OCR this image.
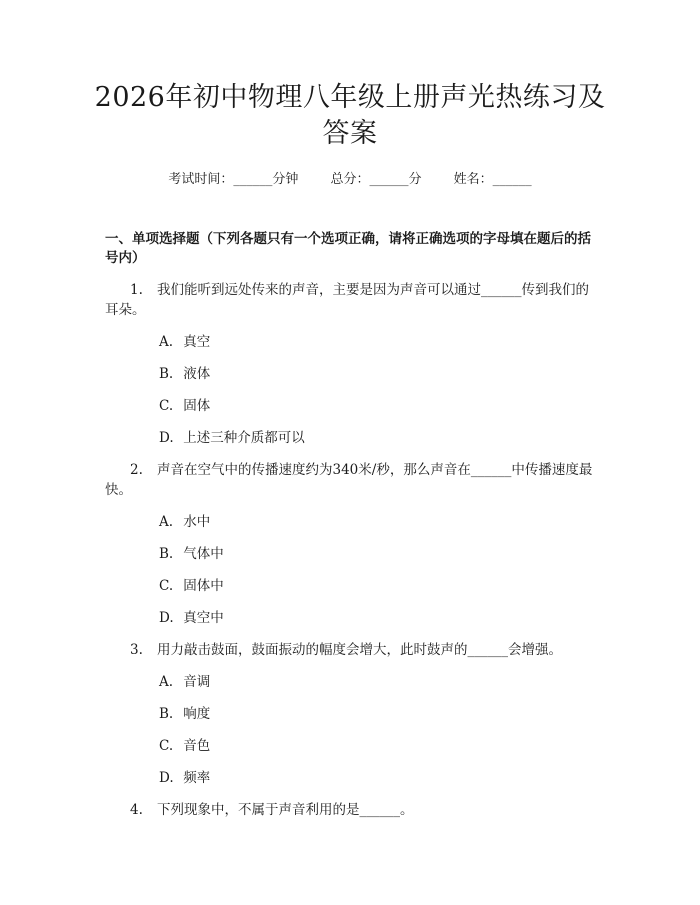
2026年初中物理八年级上册声光热练习及答案
考试时间：______分钟 总分：______分 姓名：______
一、单项选择题（下列各题只有一个选项正确，请将正确选项的字母填在题后的括号内）
1.	我们能听到远处传来的声音，主要是因为声音可以通过______传到我们的耳朵。
A. 真空
B. 液体
C. 固体
D. 上述三种介质都可以
2.	声音在空气中的传播速度约为340米/秒，那么声音在______中传播速度最快。
A. 水中
B. 气体中
C. 固体中
D. 真空中
3.	用力敲击鼓面，鼓面振动的幅度会增大，此时鼓声的______会增强。
A. 音调
B. 响度
C. 音色
D. 频率
4.	下列现象中，不属于声音利用的是______。
